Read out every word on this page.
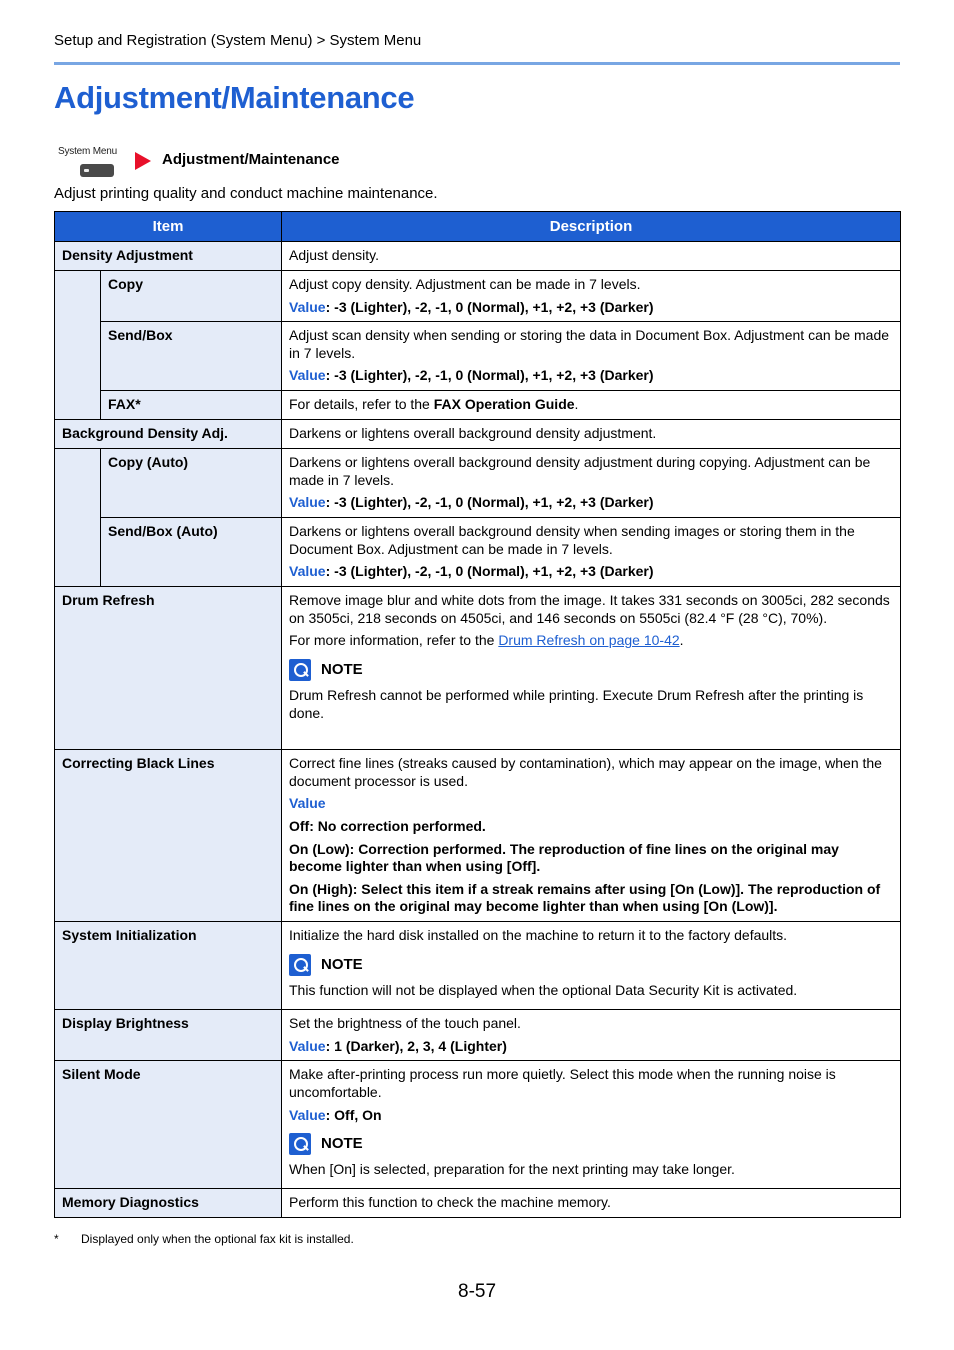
Setup and Registration (System Menu) > System Menu
Adjustment/Maintenance
System Menu	Adjustment/Maintenance
Adjust printing quality and conduct machine maintenance.
Item		Description
Density Adjustment		Adjust density.
	Copy	Adjust copy density. Adjustment can be made in 7 levels.

Value: -3 (Lighter), -2, -1, 0 (Normal), +1, +2, +3 (Darker)

	Send/Box	Adjust scan density when sending or storing the data in Document Box. Adjustment can be made in 7 levels.

Value: -3 (Lighter), -2, -1, 0 (Normal), +1, +2, +3 (Darker)

	FAX*	For details, refer to the FAX Operation Guide.
Background Density Adj.		Darkens or lightens overall background density adjustment.
	Copy (Auto)	Darkens or lightens overall background density adjustment during copying. Adjustment can be made in 7 levels.

Value: -3 (Lighter), -2, -1, 0 (Normal), +1, +2, +3 (Darker)

	Send/Box (Auto)	Darkens or lightens overall background density when sending images or storing them in the Document Box. Adjustment can be made in 7 levels.

Value: -3 (Lighter), -2, -1, 0 (Normal), +1, +2, +3 (Darker)

Drum Refresh		Remove image blur and white dots from the image. It takes 331 seconds on 3005ci, 282 seconds on 3505ci, 218 seconds on 4505ci, and 146 seconds on 5505ci (82.4 °F (28 °C), 70%).

For more information, refer to the Drum Refresh on page 10-42.

NOTE

Drum Refresh cannot be performed while printing. Execute Drum Refresh after the printing is done.

Correcting Black Lines		Correct fine lines (streaks caused by contamination), which may appear on the image, when the document processor is used.

Value

Off: No correction performed.

On (Low): Correction performed. The reproduction of fine lines on the original may become lighter than when using [Off].

On (High): Select this item if a streak remains after using [On (Low)]. The reproduction of fine lines on the original may become lighter than when using [On (Low)].

System Initialization		Initialize the hard disk installed on the machine to return it to the factory defaults.

NOTE

This function will not be displayed when the optional Data Security Kit is activated.

Display Brightness		Set the brightness of the touch panel.

Value: 1 (Darker), 2, 3, 4 (Lighter)

Silent Mode		Make after-printing process run more quietly. Select this mode when the running noise is uncomfortable.

Value: Off, On

NOTE

When [On] is selected, preparation for the next printing may take longer.

Memory Diagnostics		Perform this function to check the machine memory.
* Displayed only when the optional fax kit is installed.
8-57
